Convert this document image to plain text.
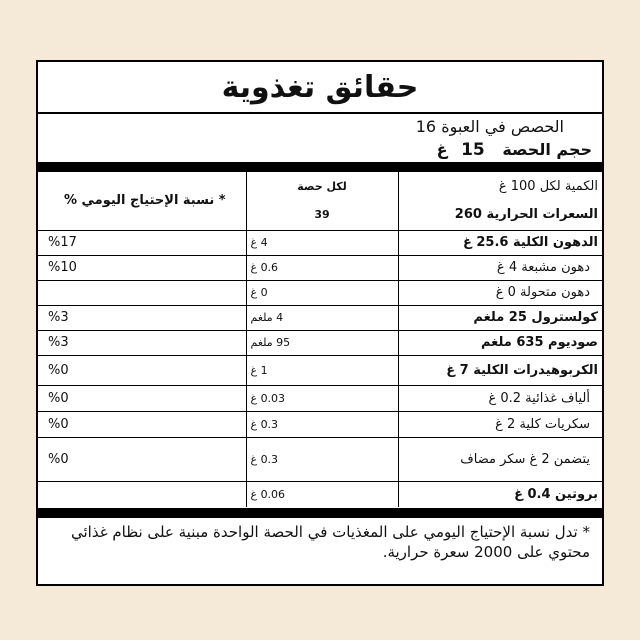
حقائق تغذوية
الحصص في العبوة 16
حجم الحصة 15 غ
الكمية لكل 100 غ	لكل حصة	* نسبة الإحتياج اليومي %
السعرات الحرارية 260	39	
الدهون الكلية 25.6 غ	4 غ	%17
دهون مشبعة 4 غ	0.6 غ	%10
دهون متحولة 0 غ	0 غ	
كولسترول 25 ملغم	4 ملغم	%3
صوديوم 635 ملغم	95 ملغم	%3
الكربوهيدرات الكلية 7 غ	1 غ	%0
ألياف غذائية 0.2 غ	0.03 غ	%0
سكريات كلية 2 غ	0.3 غ	%0
يتضمن 2 غ سكر مضاف	0.3 غ	%0
بروتين 0.4 غ	0.06 غ	
* تدل نسبة الإحتياج اليومي على المغذيات في الحصة الواحدة مبنية على نظام غذائي محتوي على 2000 سعرة حرارية.
